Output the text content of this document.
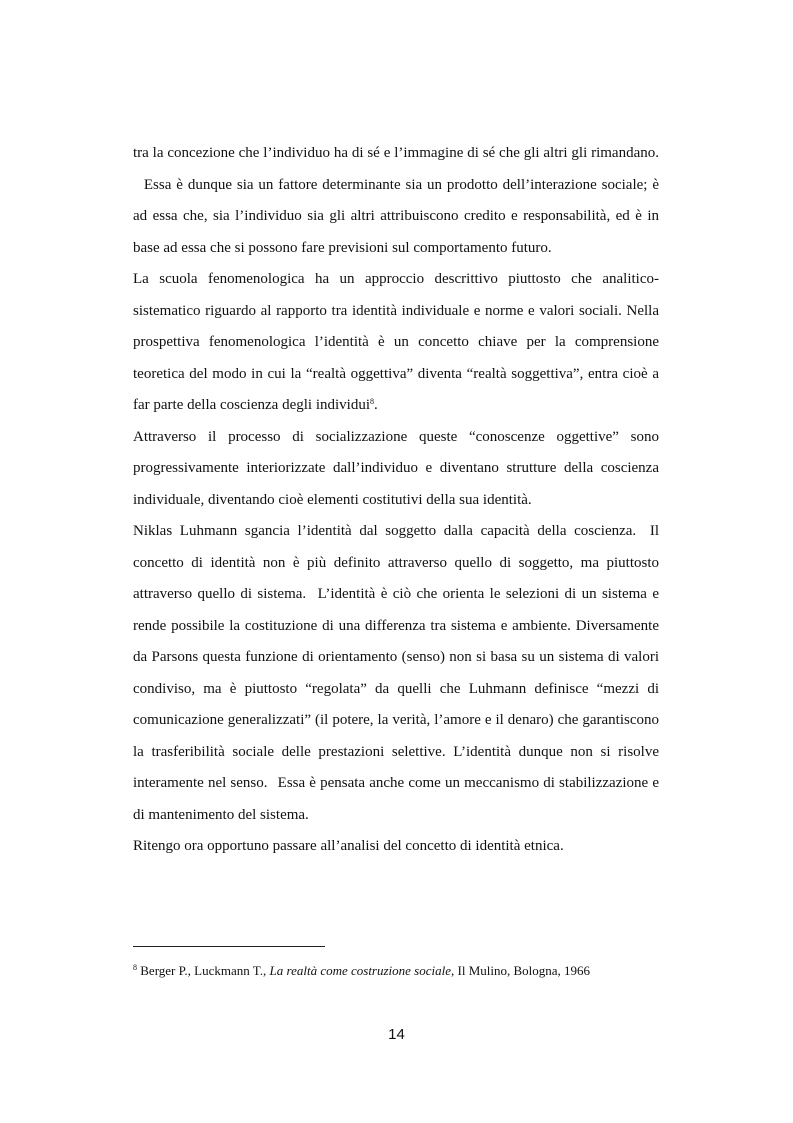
tra la concezione che l’individuo ha di sé e l’immagine di sé che gli altri gli rimandano. Essa è dunque sia un fattore determinante sia un prodotto dell’interazione sociale; è ad essa che, sia l’individuo sia gli altri attribuiscono credito e responsabilità, ed è in base ad essa che si possono fare previsioni sul comportamento futuro.

La scuola fenomenologica ha un approccio descrittivo piuttosto che analitico-sistematico riguardo al rapporto tra identità individuale e norme e valori sociali. Nella prospettiva fenomenologica l’identità è un concetto chiave per la comprensione teoretica del modo in cui la “realtà oggettiva” diventa “realtà soggettiva”, entra cioè a far parte della coscienza degli individui$^8$.

Attraverso il processo di socializzazione queste “conoscenze oggettive” sono progressivamente interiorizzate dall’individuo e diventano strutture della coscienza individuale, diventando cioè elementi costitutivi della sua identità.

Niklas Luhmann sgancia l’identità dal soggetto dalla capacità della coscienza. Il concetto di identità non è più definito attraverso quello di soggetto, ma piuttosto attraverso quello di sistema. L’identità è ciò che orienta le selezioni di un sistema e rende possibile la costituzione di una differenza tra sistema e ambiente. Diversamente da Parsons questa funzione di orientamento (senso) non si basa su un sistema di valori condiviso, ma è piuttosto “regolata” da quelli che Luhmann definisce “mezzi di comunicazione generalizzati” (il potere, la verità, l’amore e il denaro) che garantiscono la trasferibilità sociale delle prestazioni selettive. L’identità dunque non si risolve interamente nel senso. Essa è pensata anche come un meccanismo di stabilizzazione e di mantenimento del sistema.

Ritengo ora opportuno passare all’analisi del concetto di identità etnica.

$^8$ Berger P., Luckmann T., La realtà come costruzione sociale, Il Mulino, Bologna, 1966

14
